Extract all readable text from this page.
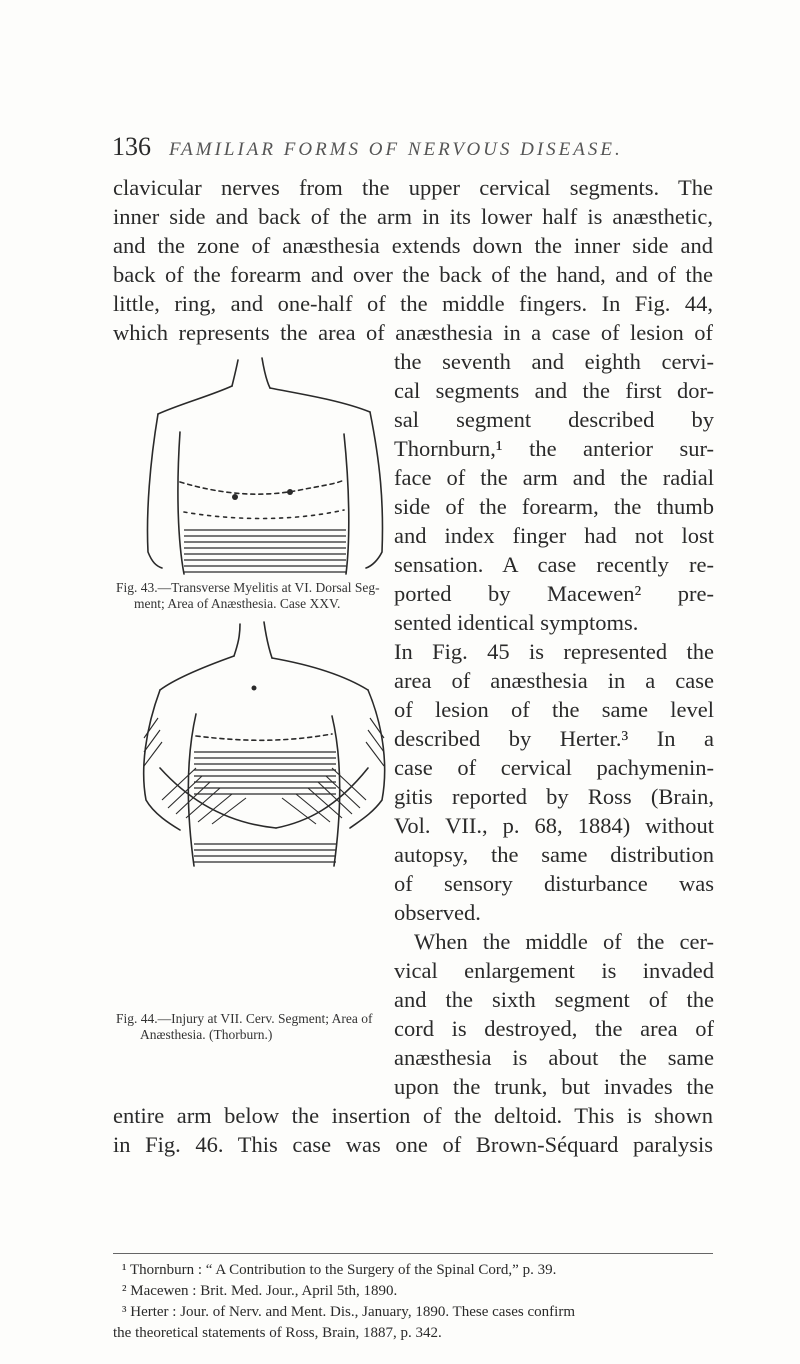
136 FAMILIAR FORMS OF NERVOUS DISEASE.
clavicular nerves from the upper cervical segments. The
inner side and back of the arm in its lower half is anæsthetic,
and the zone of anæsthesia extends down the inner side and
back of the forearm and over the back of the hand, and of the
little, ring, and one-half of the middle fingers. In Fig. 44,
which represents the area of anæsthesia in a case of lesion of
the seventh and eighth cervi-
cal segments and the first dor-
sal segment described by
Thornburn,¹ the anterior sur-
face of the arm and the radial
side of the forearm, the thumb
and index finger had not lost
sensation. A case recently re-
ported by Macewen² pre-
sented identical symptoms.
In Fig. 45 is represented the
area of anæsthesia in a case
of lesion of the same level
described by Herter.³ In a
case of cervical pachymenin-
gitis reported by Ross (Brain,
Vol. VII., p. 68, 1884) without
autopsy, the same distribution
of sensory disturbance was
observed.
When the middle of the cer-
vical enlargement is invaded
and the sixth segment of the
cord is destroyed, the area of
anæsthesia is about the same
upon the trunk, but invades the
entire arm below the insertion of the deltoid. This is shown
in Fig. 46. This case was one of Brown-Séquard paralysis
Fig. 43.—Transverse Myelitis at VI. Dorsal Seg-
ment; Area of Anæsthesia. Case XXV.
Fig. 44.—Injury at VII. Cerv. Segment; Area of
Anæsthesia. (Thorburn.)
¹ Thornburn : “ A Contribution to the Surgery of the Spinal Cord,” p. 39.
² Macewen : Brit. Med. Jour., April 5th, 1890.
³ Herter : Jour. of Nerv. and Ment. Dis., January, 1890. These cases confirm
the theoretical statements of Ross, Brain, 1887, p. 342.
